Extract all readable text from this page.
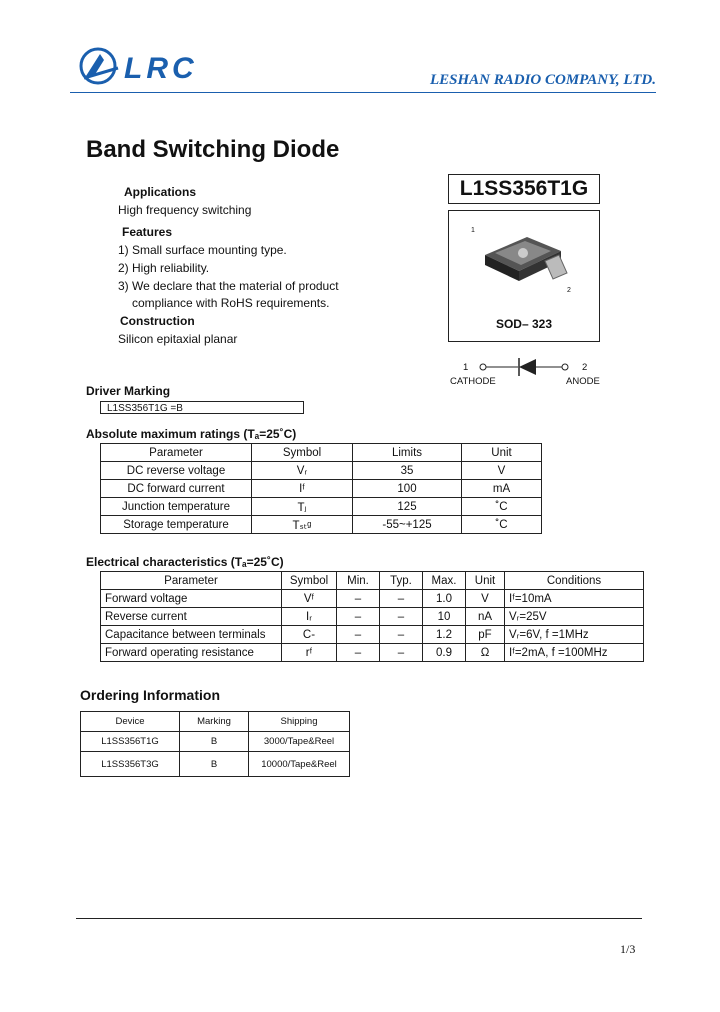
LRC	LESHAN RADIO COMPANY, LTD.
Band Switching Diode
L1SS356T1G
1
2
SOD– 323
1	2
CATHODE	ANODE
Applications
High frequency switching
Features
1) Small surface mounting type.
2) High reliability.
3) We declare that the material of product
compliance with RoHS requirements.
Construction
Silicon epitaxial planar
Driver Marking
L1SS356T1G =B
Absolute maximum ratings (Tₐ=25˚C)
Parameter	Symbol	Limits	Unit
DC reverse voltage	Vᵣ	35	V
DC forward current	Iᶠ	100	mA
Junction temperature	Tⱼ	125	˚C
Storage temperature	Tₛₜᵍ	-55~+125	˚C
Electrical characteristics (Tₐ=25˚C)
Parameter	Symbol	Min.	Typ.	Max.	Unit	Conditions
Forward voltage	Vᶠ	–	–	1.0	V	Iᶠ=10mA
Reverse current	Iᵣ	–	–	10	nA	Vᵣ=25V
Capacitance between terminals	C-	–	–	1.2	pF	Vᵣ=6V, f =1MHz
Forward operating resistance	rᶠ	–	–	0.9	Ω	Iᶠ=2mA, f =100MHz
Ordering Information
Device	Marking	Shipping
L1SS356T1G	B	3000/Tape&Reel
L1SS356T3G	B	10000/Tape&Reel
1/3
